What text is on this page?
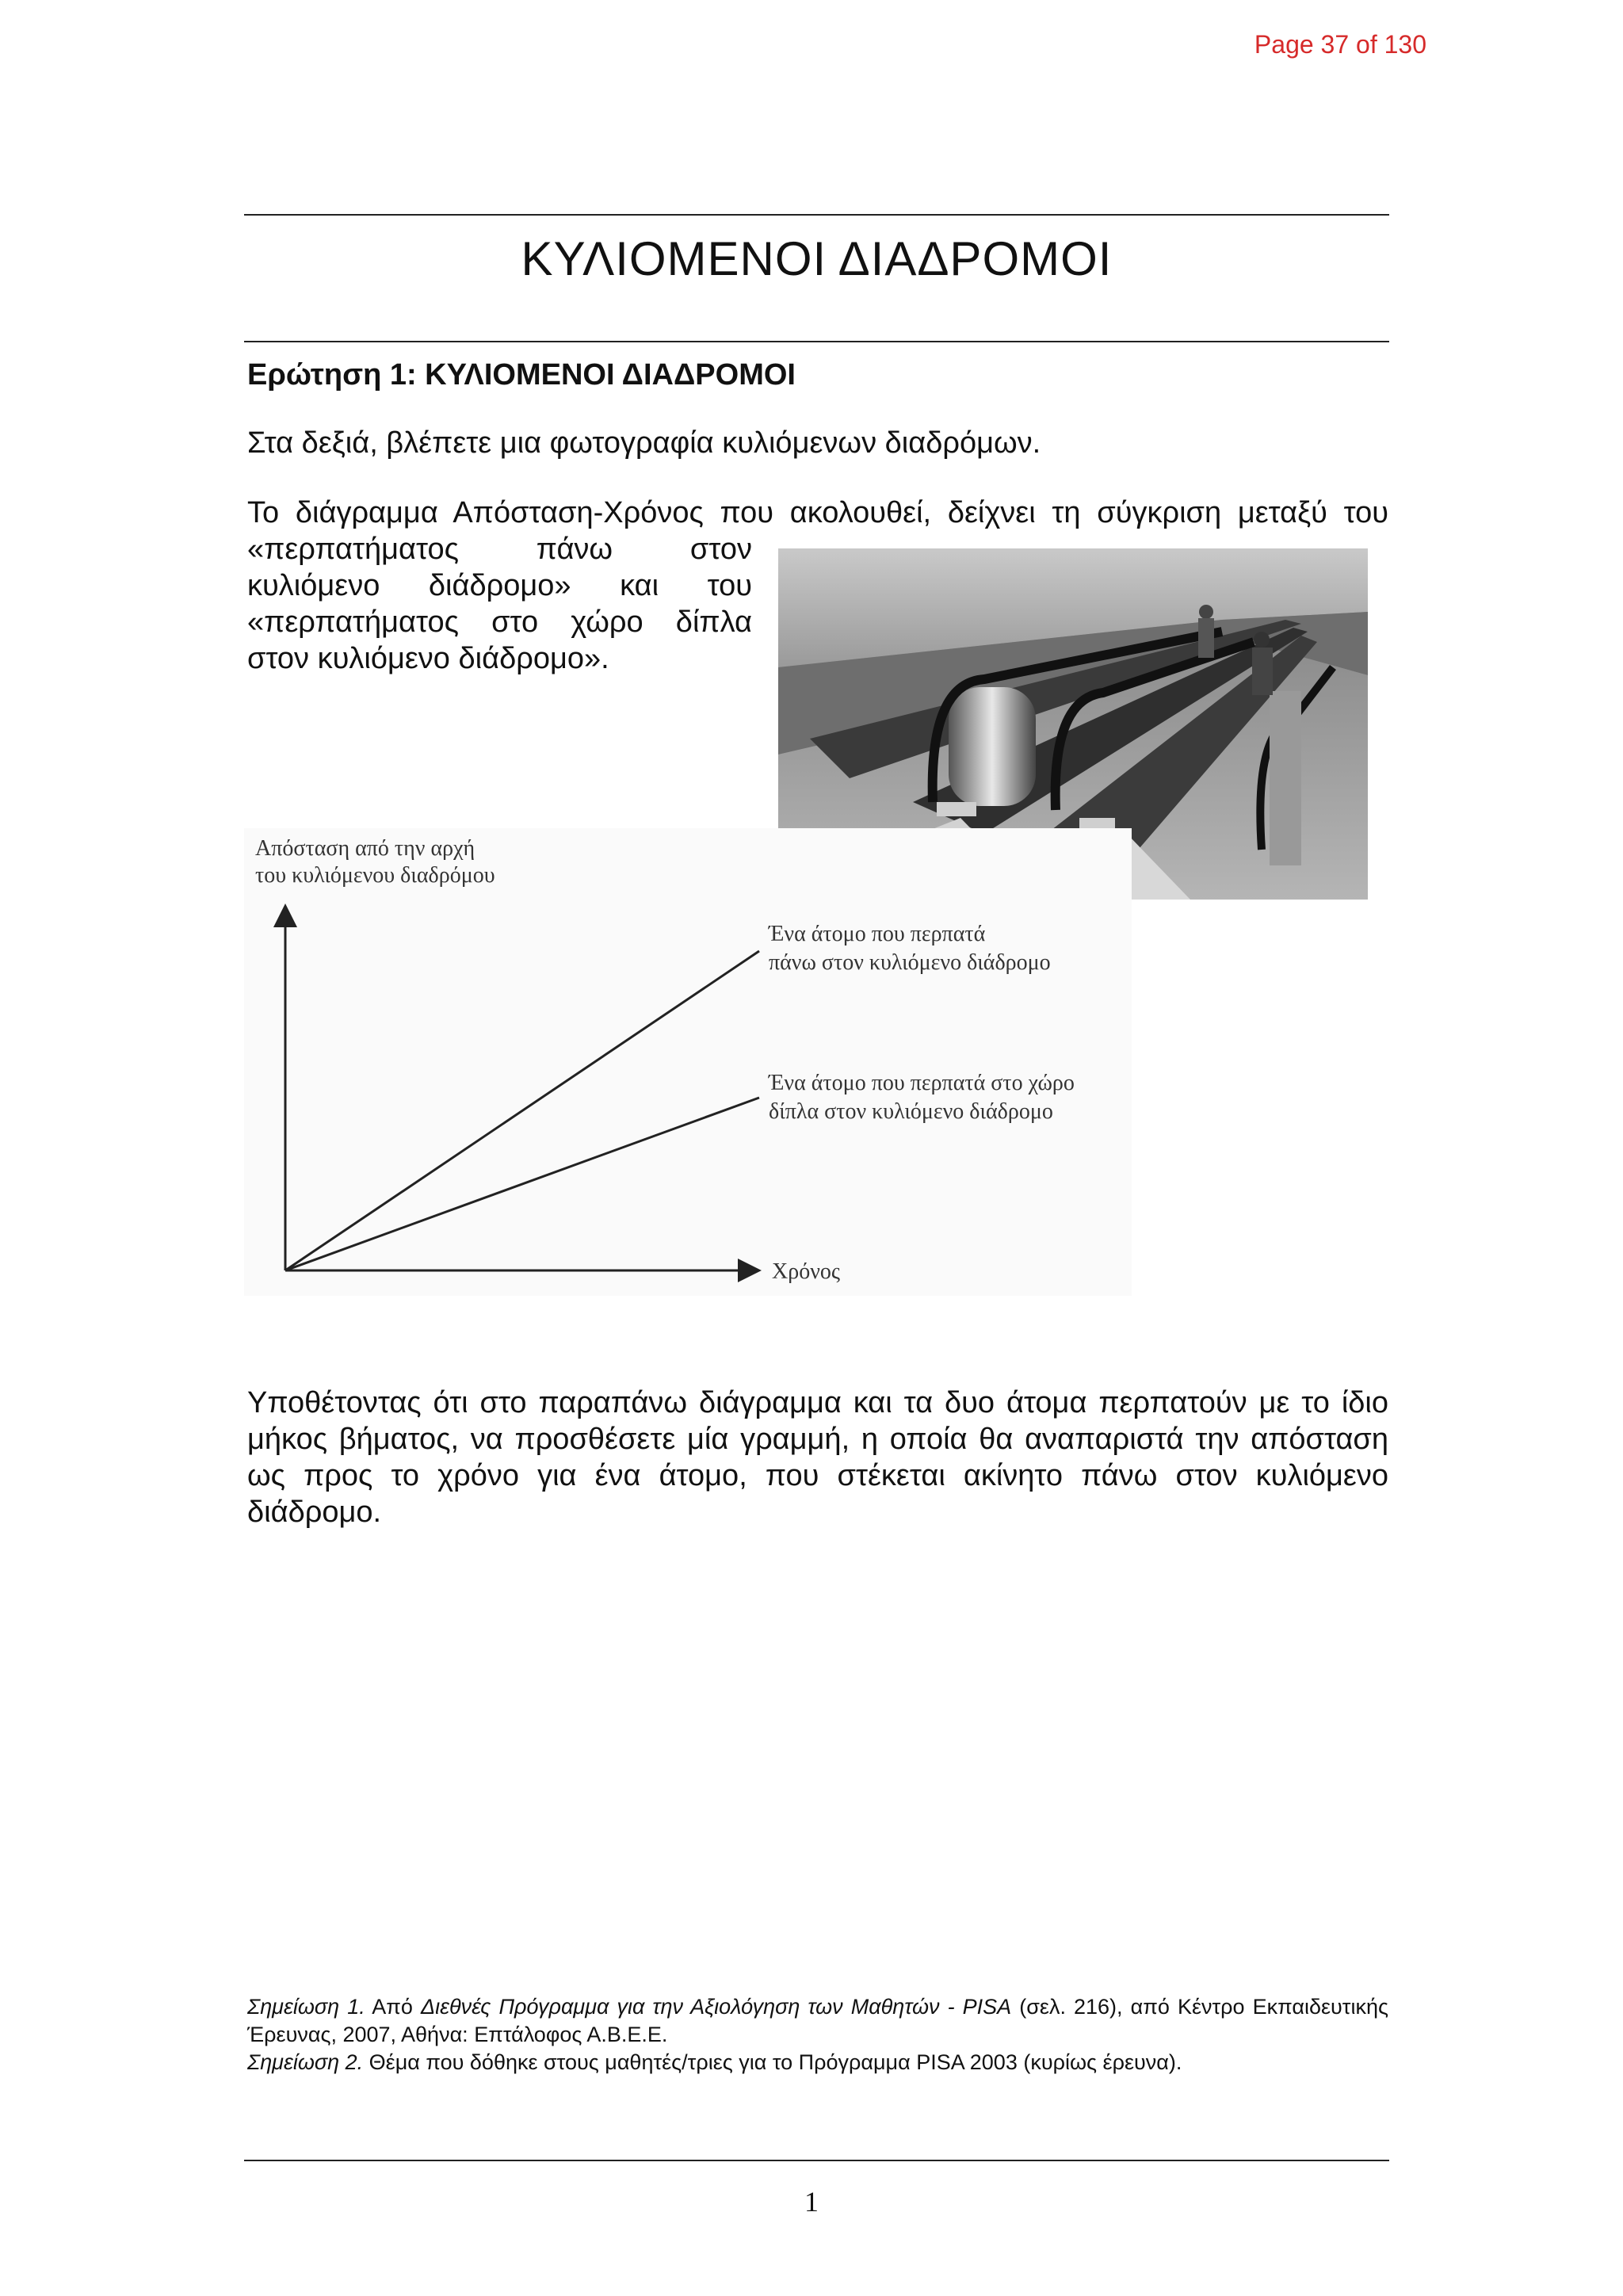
Page 37 of 130
ΚΥΛΙΟΜΕΝΟΙ ΔΙΑΔΡΟΜΟΙ
Ερώτηση 1: ΚΥΛΙΟΜΕΝΟΙ ΔΙΑΔΡΟΜΟΙ
Στα δεξιά, βλέπετε μια φωτογραφία κυλιόμενων διαδρόμων.
Το διάγραμμα Απόσταση-Χρόνος που ακολουθεί, δείχνει τη σύγκριση μεταξύ του
«περπατήματος πάνω στον
κυλιόμενο διάδρομο» και του
«περπατήματος στο χώρο δίπλα
στον κυλιόμενο διάδρομο».
Απόσταση από την αρχή
του κυλιόμενου διαδρόμου
Χρόνος
Ένα άτομο που περπατά
πάνω στον κυλιόμενο διάδρομο
Ένα άτομο που περπατά στο χώρο
δίπλα στον κυλιόμενο διάδρομο
Υποθέτοντας ότι στο παραπάνω διάγραμμα και τα δυο άτομα περπατούν με το ίδιο μήκος βήματος, να προσθέσετε μία γραμμή, η οποία θα αναπαριστά την απόσταση ως προς το χρόνο για ένα άτομο, που στέκεται ακίνητο πάνω στον κυλιόμενο διάδρομο.
Σημείωση 1. Από Διεθνές Πρόγραμμα για την Αξιολόγηση των Μαθητών - PISA (σελ. 216), από Κέντρο Εκπαιδευτικής Έρευνας, 2007, Αθήνα: Επτάλοφος Α.Β.Ε.Ε.
Σημείωση 2. Θέμα που δόθηκε στους μαθητές/τριες για το Πρόγραμμα PISA 2003 (κυρίως έρευνα).
1
